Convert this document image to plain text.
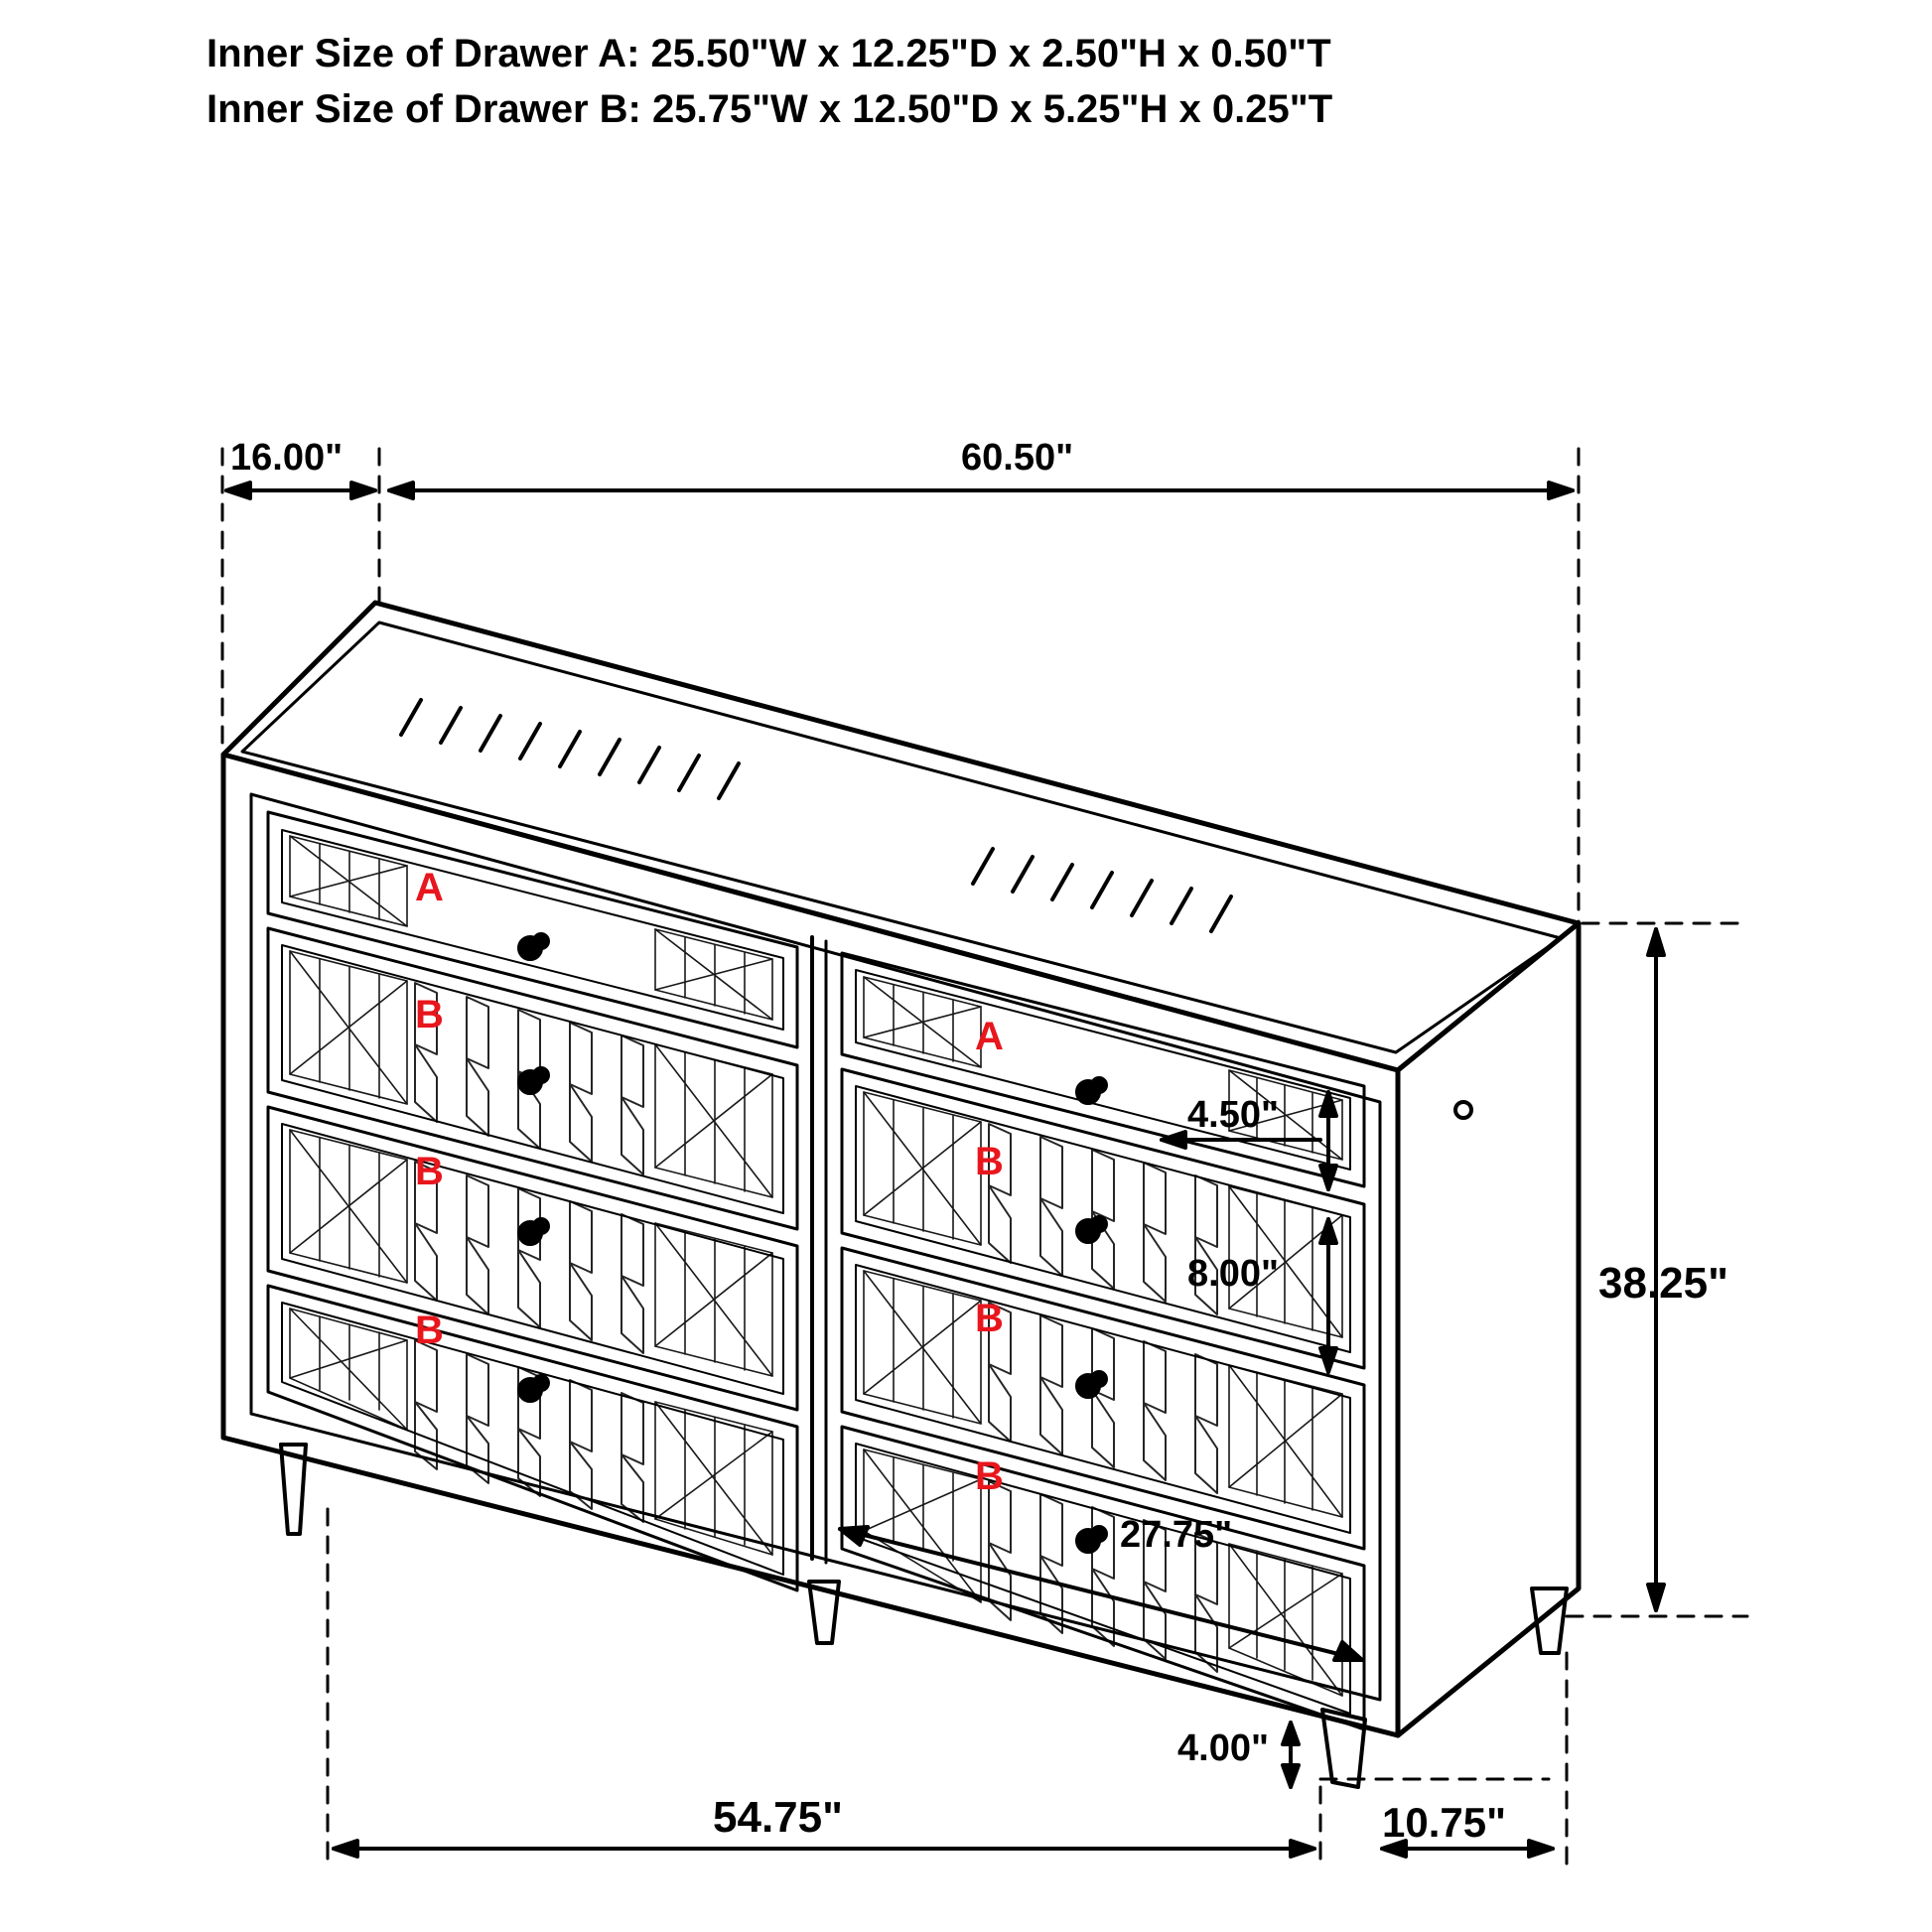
Inner Size of Drawer A: 25.50"W x 12.25"D x 2.50"H x 0.50"T
Inner Size of Drawer B: 25.75"W x 12.50"D x 5.25"H x 0.25"T
16.00"	60.50"
4.50"
8.00"
27.75"
38.25"
4.00"
54.75"	10.75"
A
B
B
B
A
B
B
B
